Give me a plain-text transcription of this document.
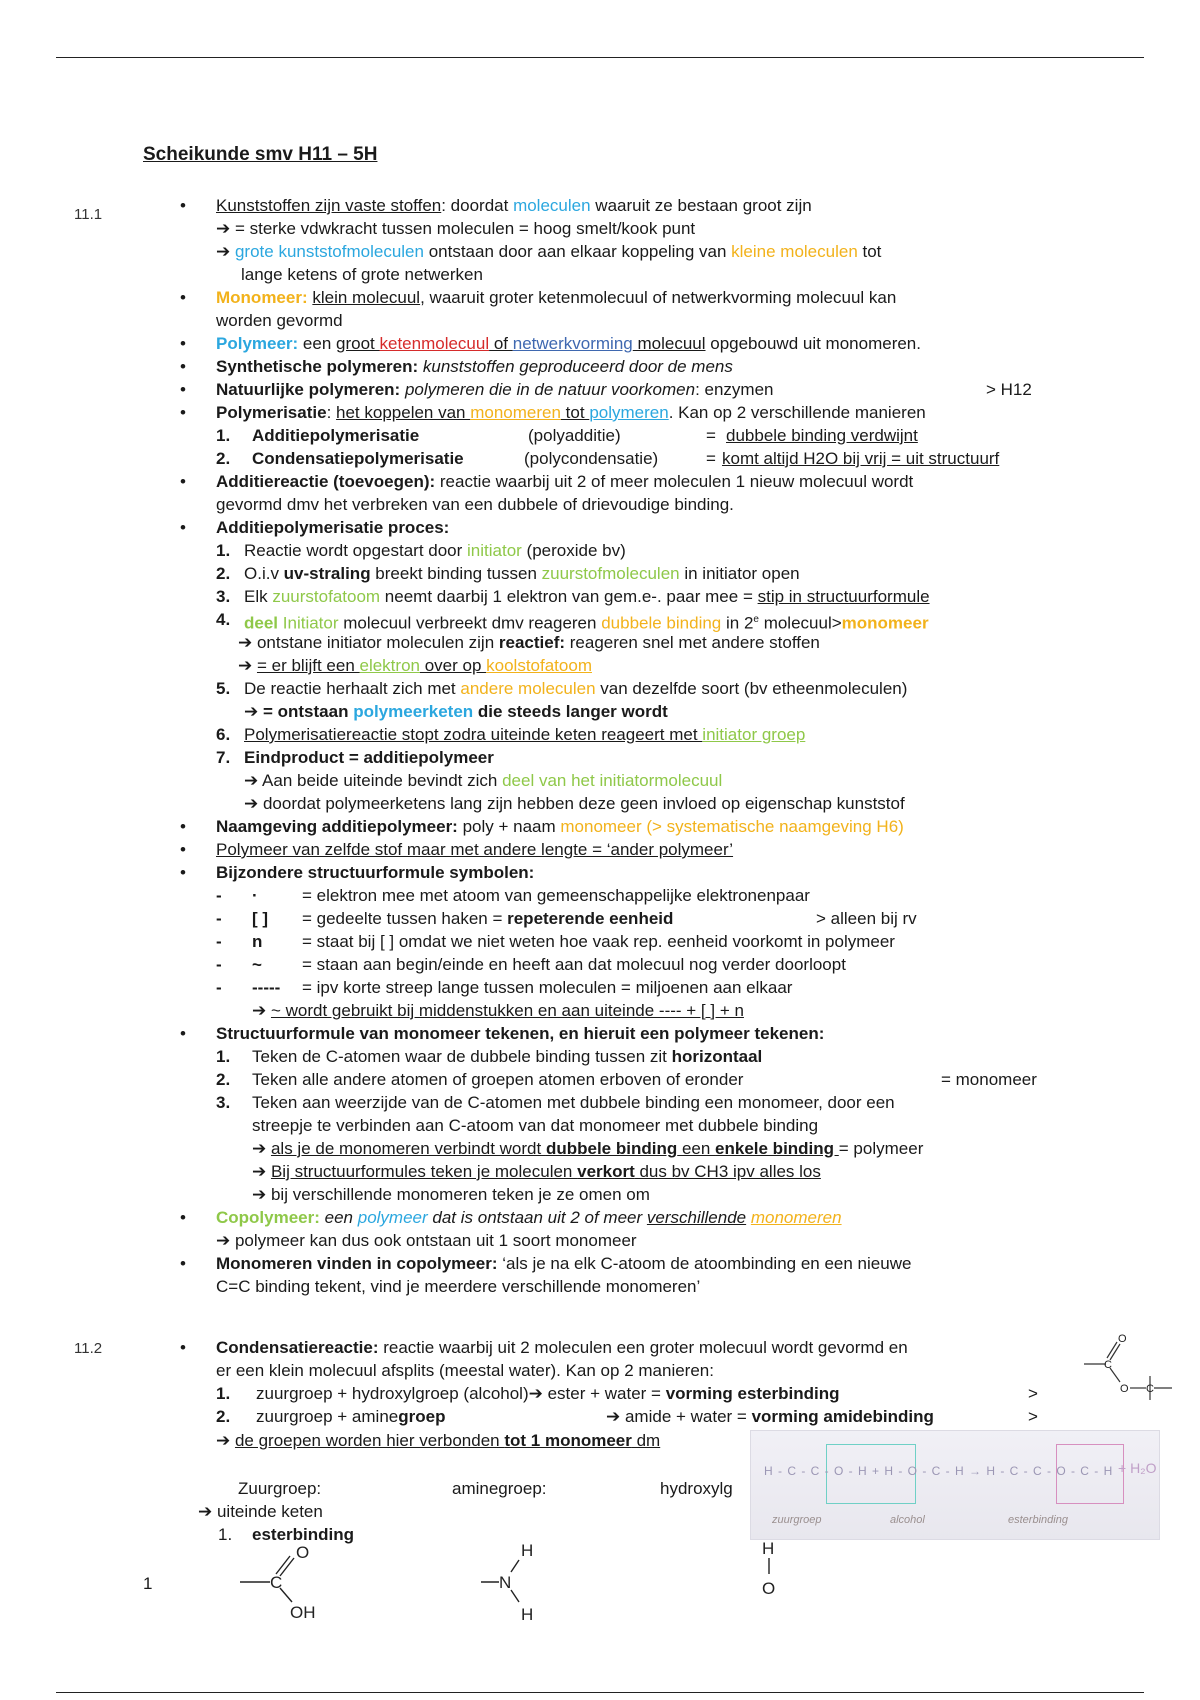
Scheikunde smv H11 – 5H
11.1
11.2
• Kunststoffen zijn vaste stoffen: doordat moleculen waaruit ze bestaan groot zijn
➔ = sterke vdwkracht tussen moleculen = hoog smelt/kook punt
➔ grote kunststofmoleculen ontstaan door aan elkaar koppeling van kleine moleculen tot
lange ketens of grote netwerken
• Monomeer: klein molecuul, waaruit groter ketenmolecuul of netwerkvorming molecuul kan
worden gevormd
• Polymeer: een groot ketenmolecuul of netwerkvorming molecuul opgebouwd uit monomeren.
• Synthetische polymeren: kunststoffen geproduceerd door de mens
• Natuurlijke polymeren: polymeren die in de natuur voorkomen: enzymen	> H12
• Polymerisatie: het koppelen van monomeren tot polymeren. Kan op 2 verschillende manieren
1. Additiepolymerisatie	(polyadditie)	= dubbele binding verdwijnt
2. Condensatiepolymerisatie	(polycondensatie)	= komt altijd H2O bij vrij = uit structuurf
• Additiereactie (toevoegen): reactie waarbij uit 2 of meer moleculen 1 nieuw molecuul wordt
gevormd dmv het verbreken van een dubbele of drievoudige binding.
• Additiepolymerisatie proces:
1. Reactie wordt opgestart door initiator (peroxide bv)
2. O.i.v uv-straling breekt binding tussen zuurstofmoleculen in initiator open
3. Elk zuurstofatoom neemt daarbij 1 elektron van gem.e-. paar mee = stip in structuurformule
4. deel Initiator molecuul verbreekt dmv reageren dubbele binding in 2e molecuul>monomeer
➔ ontstane initiator moleculen zijn reactief: reageren snel met andere stoffen
➔ = er blijft een elektron over op koolstofatoom
5. De reactie herhaalt zich met andere moleculen van dezelfde soort (bv etheenmoleculen)
➔ = ontstaan polymeerketen die steeds langer wordt
6. Polymerisatiereactie stopt zodra uiteinde keten reageert met initiator groep
7. Eindproduct = additiepolymeer
➔ Aan beide uiteinde bevindt zich deel van het initiatormolecuul
➔ doordat polymeerketens lang zijn hebben deze geen invloed op eigenschap kunststof
• Naamgeving additiepolymeer: poly + naam monomeer (> systematische naamgeving H6)
• Polymeer van zelfde stof maar met andere lengte = ‘ander polymeer’
• Bijzondere structuurformule symbolen:
- ·	= elektron mee met atoom van gemeenschappelijke elektronenpaar
- [ ] = gedeelte tussen haken = repeterende eenheid	> alleen bij rv
- n = staat bij [ ] omdat we niet weten hoe vaak rep. eenheid voorkomt in polymeer
- ~ = staan aan begin/einde en heeft aan dat molecuul nog verder doorloopt
- ----- = ipv korte streep lange tussen moleculen = miljoenen aan elkaar
➔ ~ wordt gebruikt bij middenstukken en aan uiteinde ---- + [ ] + n
• Structuurformule van monomeer tekenen, en hieruit een polymeer tekenen:
1. Teken de C-atomen waar de dubbele binding tussen zit horizontaal
2. Teken alle andere atomen of groepen atomen erboven of eronder	= monomeer
3. Teken aan weerzijde van de C-atomen met dubbele binding een monomeer, door een
streepje te verbinden aan C-atoom van dat monomeer met dubbele binding
➔ als je de monomeren verbindt wordt dubbele binding een enkele binding = polymeer
➔ Bij structuurformules teken je moleculen verkort dus bv CH3 ipv alles los
➔ bij verschillende monomeren teken je ze omen om
• Copolymeer: een polymeer dat is ontstaan uit 2 of meer verschillende monomeren
➔ polymeer kan dus ook ontstaan uit 1 soort monomeer
• Monomeren vinden in copolymeer: ‘als je na elk C-atoom de atoombinding en een nieuwe
C=C binding tekent, vind je meerdere verschillende monomeren’
• Condensatiereactie: reactie waarbij uit 2 moleculen een groter molecuul wordt gevormd en
er een klein molecuul afsplits (meestal water). Kan op 2 manieren:
1. zuurgroep + hydroxylgroep (alcohol)➔ ester + water = vorming esterbinding	>
2. zuurgroep + aminegroep	➔ amide + water = vorming amidebinding	>
➔ de groepen worden hier verbonden tot 1 monomeer dm
Zuurgroep:	aminegroep:	hydroxylg
➔ uiteinde keten
1. esterbinding
1
H - C - C - O - H + H - O - C - H → H - C - C - O - C - H + H₂O
zuurgroep	alcohol	esterbinding
O
C
O C
O
C
OH
H
N
H
H
O
